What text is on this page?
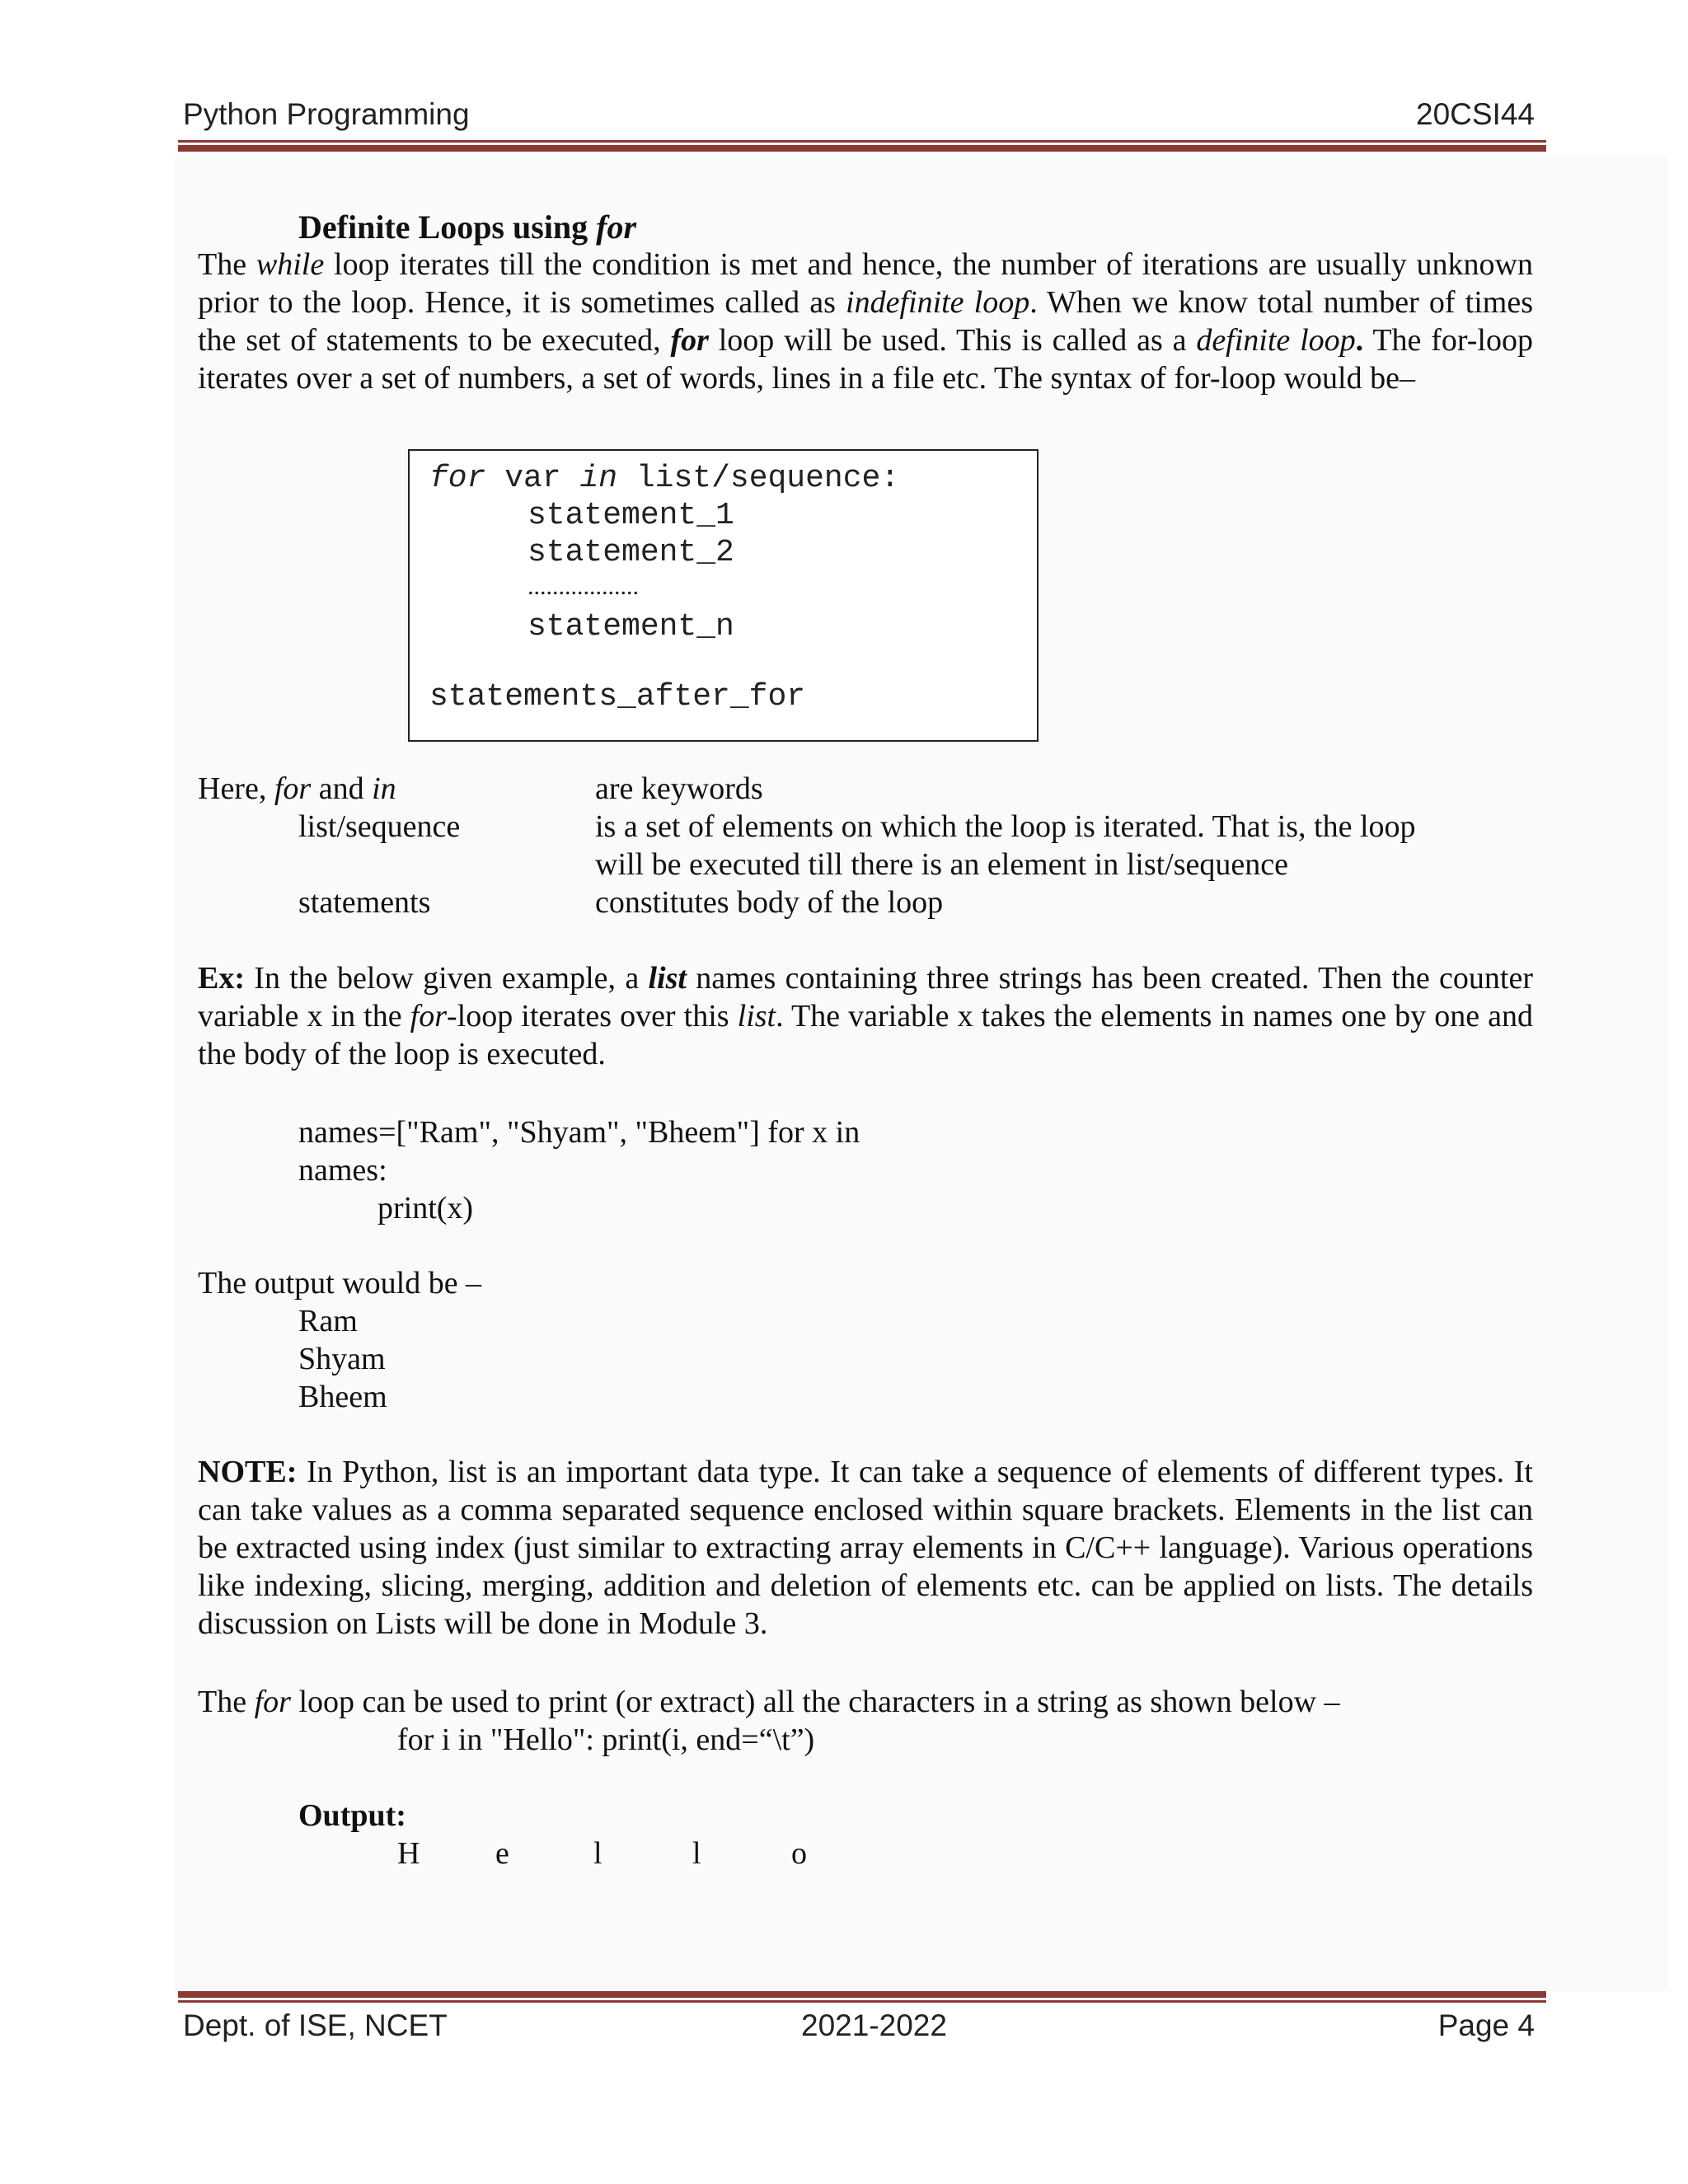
Python Programming	20CSI44
Definite Loops using for

The while loop iterates till the condition is met and hence, the number of iterations are usually unknown prior to the loop. Hence, it is sometimes called as indefinite loop. When we know total number of times the set of statements to be executed, for loop will be used. This is called as a definite loop. The for-loop iterates over a set of numbers, a set of words, lines in a file etc. The syntax of for-loop would be–

for var in list/sequence:
statement_1
statement_2
..................
statement_n
statements_after_for
Here, for and in	are keywords
list/sequence	is a set of elements on which the loop is iterated. That is, the loop
will be executed till there is an element in list/sequence
statements	constitutes body of the loop

Ex: In the below given example, a list names containing three strings has been created. Then the counter variable x in the for-loop iterates over this list. The variable x takes the elements in names one by one and the body of the loop is executed.

names=["Ram", "Shyam", "Bheem"] for x in
names:
print(x)
The output would be –
Ram
Shyam
Bheem

NOTE: In Python, list is an important data type. It can take a sequence of elements of different types. It can take values as a comma separated sequence enclosed within square brackets. Elements in the list can be extracted using index (just similar to extracting array elements in C/C++ language). Various operations like indexing, slicing, merging, addition and deletion of elements etc. can be applied on lists. The details discussion on Lists will be done in Module 3.

The for loop can be used to print (or extract) all the characters in a string as shown below –
for i in "Hello": print(i, end=“\t”)
Output:
H e	l	l	o
Dept. of ISE, NCET	2021-2022	Page 4
